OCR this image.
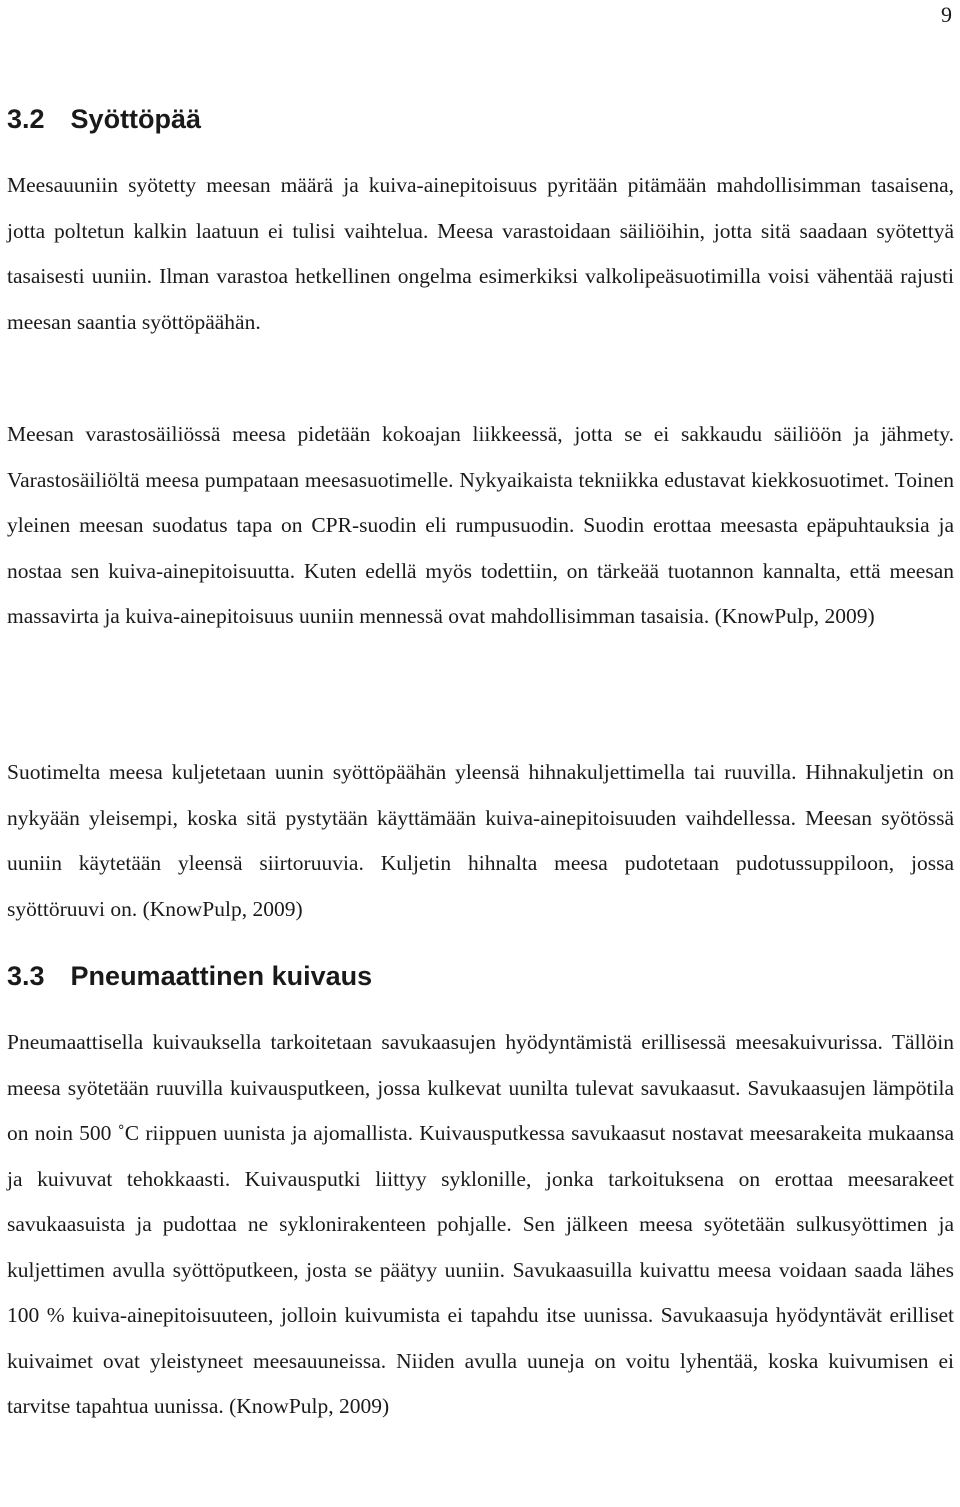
9
3.2 Syöttöpää

Meesauuniin syötetty meesan määrä ja kuiva-ainepitoisuus pyritään pitämään mahdollisimman tasaisena, jotta poltetun kalkin laatuun ei tulisi vaihtelua. Meesa varastoidaan säiliöihin, jotta sitä saadaan syötettyä tasaisesti uuniin. Ilman varastoa hetkellinen ongelma esimerkiksi valkolipeäsuotimilla voisi vähentää rajusti meesan saantia syöttöpäähän.

Meesan varastosäiliössä meesa pidetään kokoajan liikkeessä, jotta se ei sakkaudu säiliöön ja jähmety. Varastosäiliöltä meesa pumpataan meesasuotimelle. Nykyaikaista tekniikka edustavat kiekkosuotimet. Toinen yleinen meesan suodatus tapa on CPR-suodin eli rumpusuodin. Suodin erottaa meesasta epäpuhtauksia ja nostaa sen kuiva-ainepitoisuutta. Kuten edellä myös todettiin, on tärkeää tuotannon kannalta, että meesan massavirta ja kuiva-ainepitoisuus uuniin mennessä ovat mahdollisimman tasaisia. (KnowPulp, 2009)

Suotimelta meesa kuljetetaan uunin syöttöpäähän yleensä hihnakuljettimella tai ruuvilla. Hihnakuljetin on nykyään yleisempi, koska sitä pystytään käyttämään kuiva-ainepitoisuuden vaihdellessa. Meesan syötössä uuniin käytetään yleensä siirtoruuvia. Kuljetin hihnalta meesa pudotetaan pudotussuppiloon, jossa syöttöruuvi on. (KnowPulp, 2009)

3.3 Pneumaattinen kuivaus

Pneumaattisella kuivauksella tarkoitetaan savukaasujen hyödyntämistä erillisessä meesakuivurissa. Tällöin meesa syötetään ruuvilla kuivausputkeen, jossa kulkevat uunilta tulevat savukaasut. Savukaasujen lämpötila on noin 500 ˚C riippuen uunista ja ajomallista. Kuivausputkessa savukaasut nostavat meesarakeita mukaansa ja kuivuvat tehokkaasti. Kuivausputki liittyy syklonille, jonka tarkoituksena on erottaa meesarakeet savukaasuista ja pudottaa ne syklonirakenteen pohjalle. Sen jälkeen meesa syötetään sulkusyöttimen ja kuljettimen avulla syöttöputkeen, josta se päätyy uuniin. Savukaasuilla kuivattu meesa voidaan saada lähes 100 % kuiva-ainepitoisuuteen, jolloin kuivumista ei tapahdu itse uunissa. Savukaasuja hyödyntävät erilliset kuivaimet ovat yleistyneet meesauuneissa. Niiden avulla uuneja on voitu lyhentää, koska kuivumisen ei tarvitse tapahtua uunissa. (KnowPulp, 2009)
